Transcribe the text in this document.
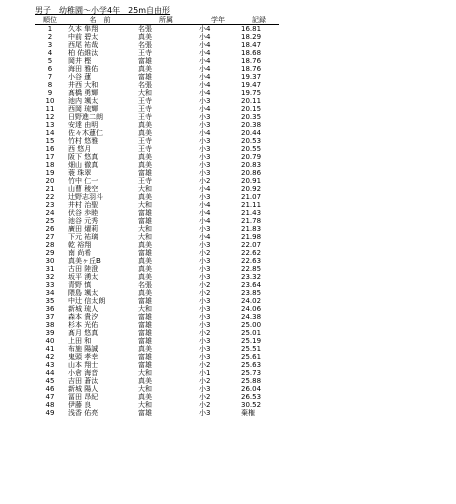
男子　幼稚園～小学4年　25m自由形
順位	名　前	所属	学年	記録
1	久本 隼翔	名張	小4	16.81
2	中前 碧太	真美	小4	18.29
3	西尾 祐哉	名張	小4	18.47
4	柏 佑維汰	王寺	小4	18.68
5	岡井 樫	富雄	小4	18.76
6	海田 雅佑	真美	小4	18.76
7	小谷 蓮	富雄	小4	19.37
8	井西 大和	名張	小4	19.47
9	髙橋 勇輝	大和	小4	19.75
10	池内 颯太	王寺	小3	20.11
11	西岡 琉輝	王寺	小4	20.15
12	日野進二朗	王寺	小3	20.35
13	安達 由明	真美	小3	20.38
14	佐々木蓮仁	真美	小4	20.44
15	竹村 悠雅	王寺	小3	20.53
16	西 悠月	王寺	小3	20.55
17	阪下 悠真	真美	小3	20.79
18	畑山 徹真	真美	小3	20.83
19	蓑 珠翠	富雄	小3	20.86
20	竹中 仁一	王寺	小2	20.91
21	山曹 稜空	大和	小4	20.92
22	辻野志羽斗	真美	小3	21.07
23	井村 治聖	大和	小4	21.11
24	伏谷 歩睦	富雄	小4	21.43
25	池谷 元秀	富雄	小4	21.78
26	廣田 燿莉	大和	小3	21.83
27	下元 祐璃	大和	小4	21.98
28	乾 裕翔	真美	小3	22.07
29	南 尚希	富雄	小2	22.62
30	真美ヶ丘B	真美	小3	22.63
31	古田 陸澄	真美	小3	22.85
32	坂平 湧太	真美	小3	23.32
33	青野 慎	名張	小2	23.64
34	隈島 颯太	真美	小2	23.85
35	中辻 信太朗	富雄	小3	24.02
36	新城 琉人	大和	小3	24.06
37	森本 貴汐	富雄	小3	24.38
38	杉本 光佑	富雄	小3	25.00
39	髙月 悠真	富雄	小2	25.01
40	上田 和	富雄	小3	25.19
41	布施 陽誠	真美	小3	25.51
42	鬼頭 孝幸	富雄	小3	25.61
43	山本 翔士	富雄	小2	25.63
44	小倉 海音	大和	小1	25.73
45	吉田 蒼汰	真美	小2	25.88
46	新城 陽人	大和	小3	26.04
47	冨田 昂紀	真美	小2	26.53
48	伊藤 良	大和	小2	30.52
49	浅香 佑亮	富雄	小3	棄権
